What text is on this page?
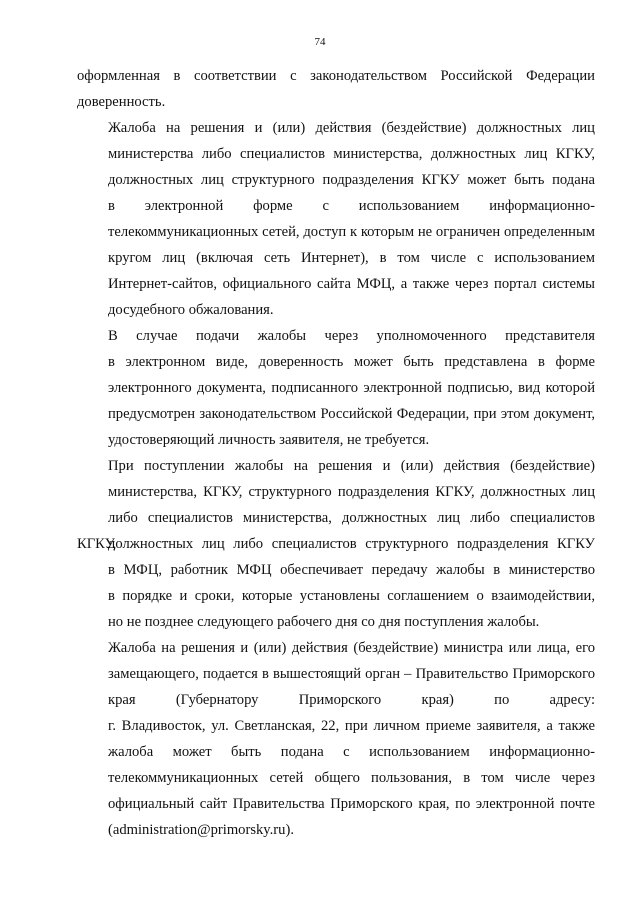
74
оформленная в соответствии с законодательством Российской Федерации
доверенность.
Жалоба на решения и (или) действия (бездействие) должностных лиц
министерства либо специалистов министерства, должностных лиц КГКУ,
должностных лиц структурного подразделения КГКУ может быть подана
в электронной форме с использованием информационно-
телекоммуникационных сетей, доступ к которым не ограничен определенным
кругом лиц (включая сеть Интернет), в том числе с использованием
Интернет-сайтов, официального сайта МФЦ, а также через портал системы
досудебного обжалования.
В случае подачи жалобы через уполномоченного представителя
в электронном виде, доверенность может быть представлена в форме
электронного документа, подписанного электронной подписью, вид которой
предусмотрен законодательством Российской Федерации, при этом документ,
удостоверяющий личность заявителя, не требуется.
При поступлении жалобы на решения и (или) действия (бездействие)
министерства, КГКУ, структурного подразделения КГКУ, должностных лиц
либо специалистов министерства, должностных лиц либо специалистов КГКУ,
должностных лиц либо специалистов структурного подразделения КГКУ
в МФЦ, работник МФЦ обеспечивает передачу жалобы в министерство
в порядке и сроки, которые установлены соглашением о взаимодействии,
но не позднее следующего рабочего дня со дня поступления жалобы.
Жалоба на решения и (или) действия (бездействие) министра или лица, его
замещающего, подается в вышестоящий орган – Правительство Приморского
края (Губернатору Приморского края) по адресу:
г. Владивосток, ул. Светланская, 22, при личном приеме заявителя, а также
жалоба может быть подана с использованием информационно-
телекоммуникационных сетей общего пользования, в том числе через
официальный сайт Правительства Приморского края, по электронной почте
(administration@primorsky.ru).
